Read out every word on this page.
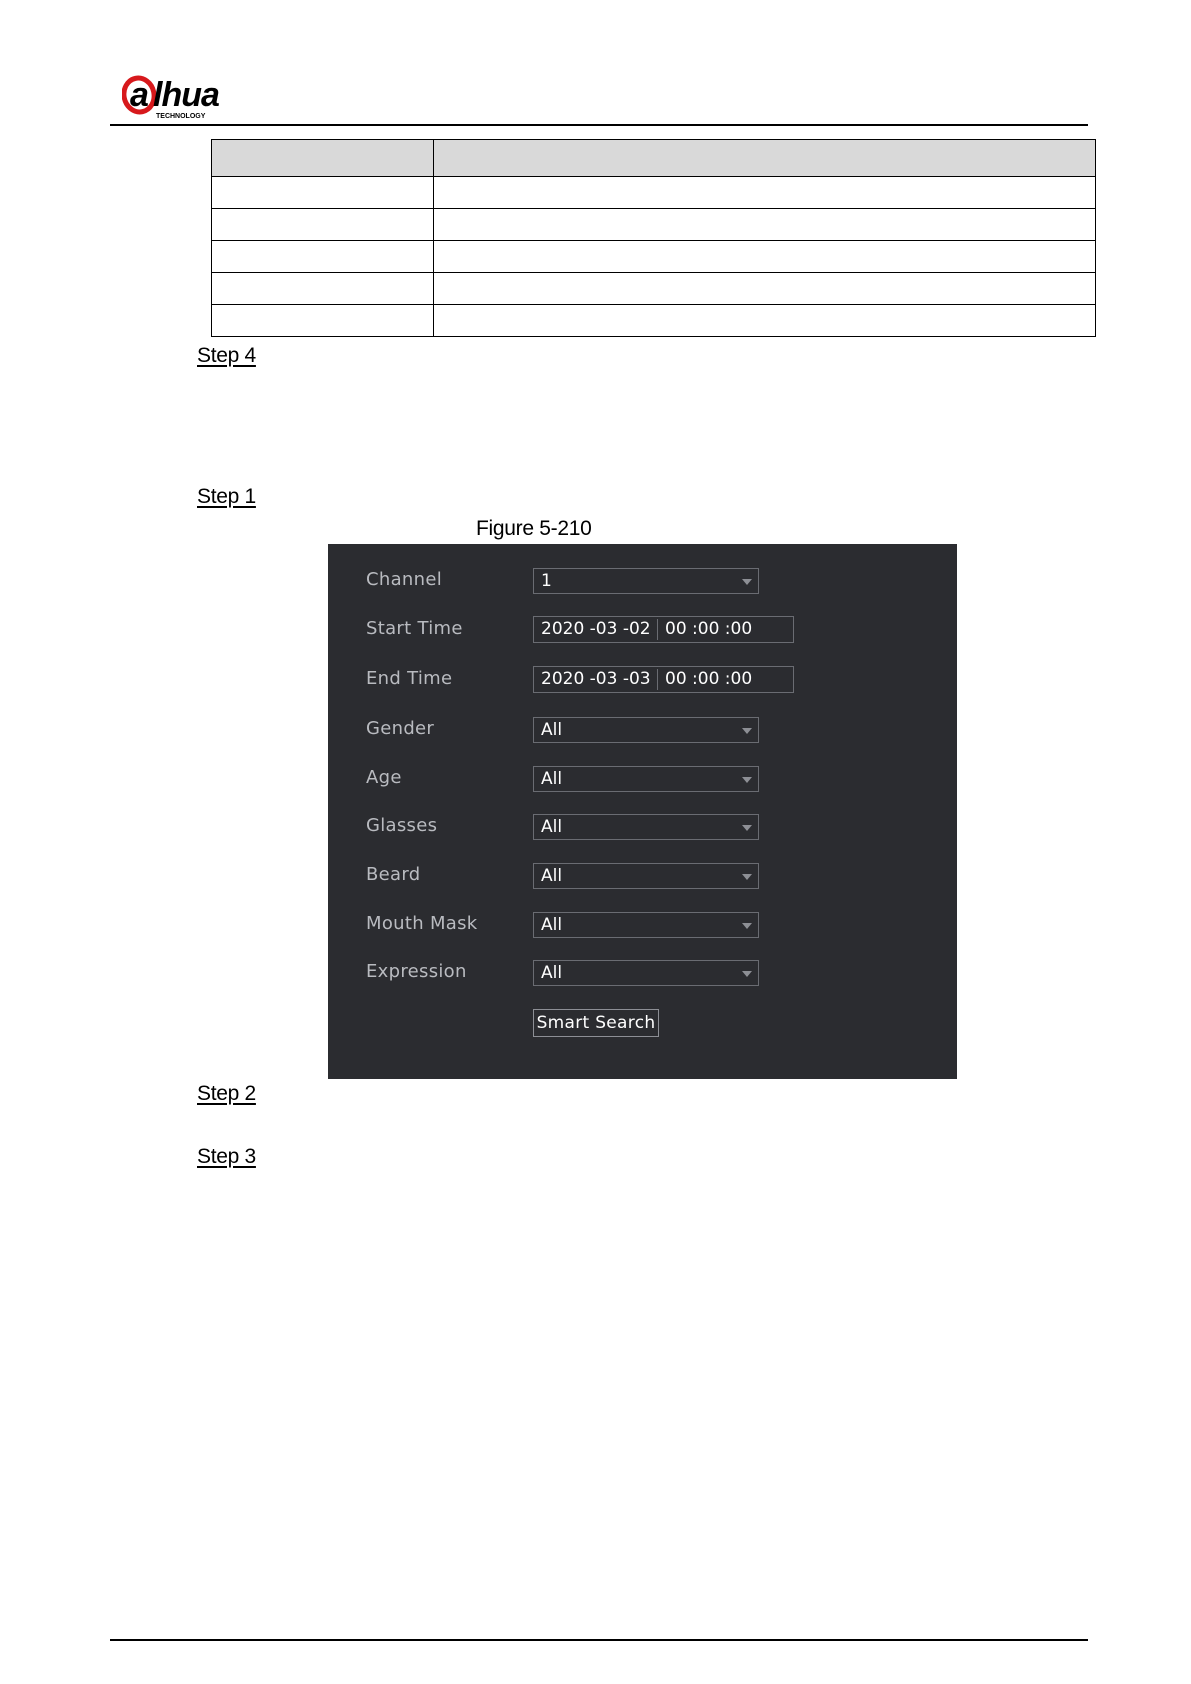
a lhua
TECHNOLOGY

Step 4
Step 1
Figure 5-210
Channel	1
Start Time	2020 -03 -02 00 :00 :00
End Time	2020 -03 -03 00 :00 :00
Gender	All
Age	All
Glasses	All
Beard	All
Mouth Mask	All
Expression	All
Smart Search
Step 2
Step 3
